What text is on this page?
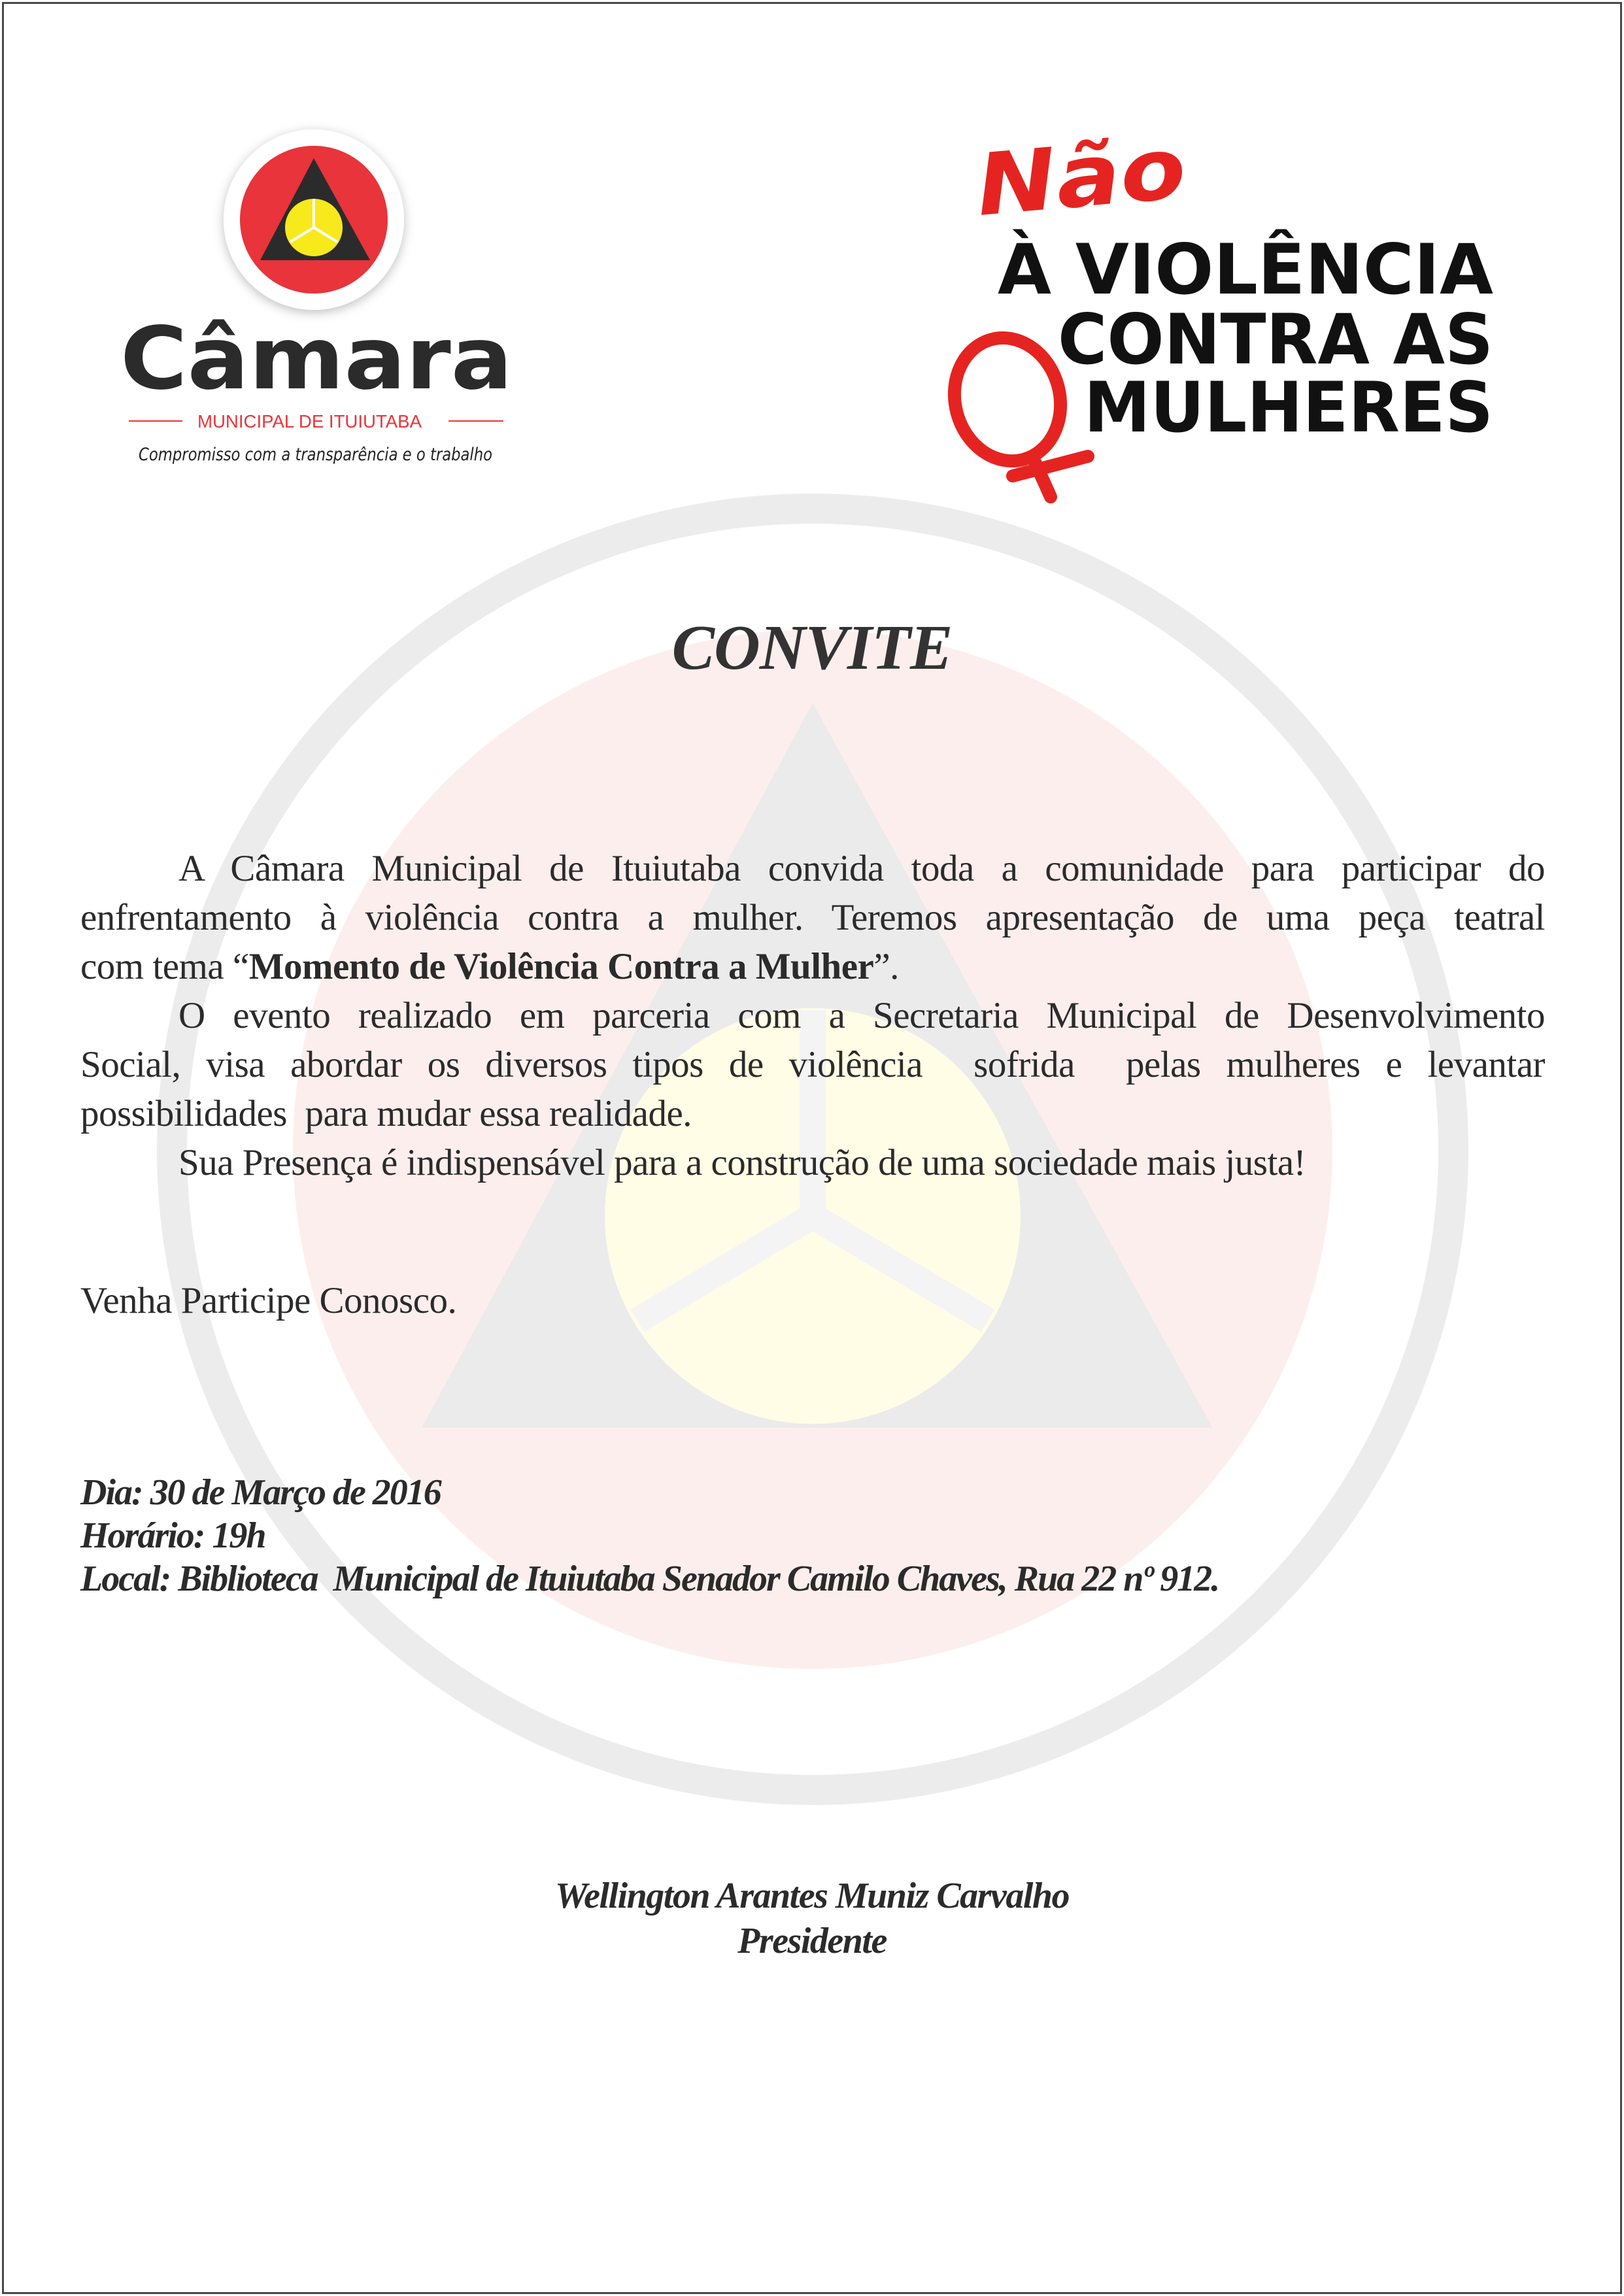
Câmara
MUNICIPAL DE ITUIUTABA
Compromisso com a transparência e o trabalho
Não
À VIOLÊNCIA
CONTRA AS
MULHERES
CONVITE
A Câmara Municipal de Ituiutaba convida toda a comunidade para participar do
enfrentamento à violência contra a mulher. Teremos apresentação de uma peça teatral
com tema “Momento de Violência Contra a Mulher”.
O evento realizado em parceria com a Secretaria Municipal de Desenvolvimento
Social, visa abordar os diversos tipos de violência  sofrida  pelas mulheres e levantar
possibilidades  para mudar essa realidade.
Sua Presença é indispensável para a construção de uma sociedade mais justa!
Venha Participe Conosco.
Dia: 30 de Março de 2016
Horário: 19h
Local: Biblioteca  Municipal de Ituiutaba Senador Camilo Chaves, Rua 22 nº 912.
Wellington Arantes Muniz Carvalho
Presidente
